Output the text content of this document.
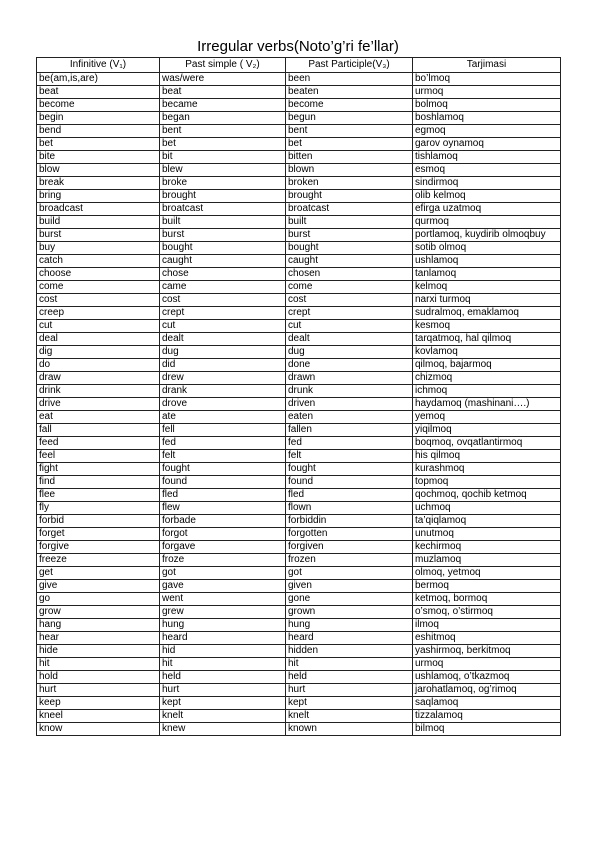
Irregular verbs(Noto’g’ri fe’llar)
Infinitive (V₁)	Past simple ( V₂)	Past Participle(V₃)	Tarjimasi
be(am,is,are)	was/were	been	bo’lmoq
beat	beat	beaten	urmoq
become	became	become	bolmoq
begin	began	begun	boshlamoq
bend	bent	bent	egmoq
bet	bet	bet	garov oynamoq
bite	bit	bitten	tishlamoq
blow	blew	blown	esmoq
break	broke	broken	sindirmoq
bring	brought	brought	olib kelmoq
broadcast	broatcast	broatcast	efirga uzatmoq
build	built	built	qurmoq
burst	burst	burst	portlamoq, kuydirib olmoqbuy
buy	bought	bought	sotib olmoq
catch	caught	caught	ushlamoq
choose	chose	chosen	tanlamoq
come	came	come	kelmoq
cost	cost	cost	narxi turmoq
creep	crept	crept	sudralmoq, emaklamoq
cut	cut	cut	kesmoq
deal	dealt	dealt	tarqatmoq, hal qilmoq
dig	dug	dug	kovlamoq
do	did	done	qilmoq, bajarmoq
draw	drew	drawn	chizmoq
drink	drank	drunk	ichmoq
drive	drove	driven	haydamoq (mashinani….)
eat	ate	eaten	yemoq
fall	fell	fallen	yiqilmoq
feed	fed	fed	boqmoq, ovqatlantirmoq
feel	felt	felt	his qilmoq
fight	fought	fought	kurashmoq
find	found	found	topmoq
flee	fled	fled	qochmoq, qochib ketmoq
fly	flew	flown	uchmoq
forbid	forbade	forbiddin	ta’qiqlamoq
forget	forgot	forgotten	unutmoq
forgive	forgave	forgiven	kechirmoq
freeze	froze	frozen	muzlamoq
get	got	got	olmoq, yetmoq
give	gave	given	bermoq
go	went	gone	ketmoq, bormoq
grow	grew	grown	o’smoq, o’stirmoq
hang	hung	hung	ilmoq
hear	heard	heard	eshitmoq
hide	hid	hidden	yashirmoq, berkitmoq
hit	hit	hit	urmoq
hold	held	held	ushlamoq, o’tkazmoq
hurt	hurt	hurt	jarohatlamoq, og’rimoq
keep	kept	kept	saqlamoq
kneel	knelt	knelt	tizzalamoq
know	knew	known	bilmoq
